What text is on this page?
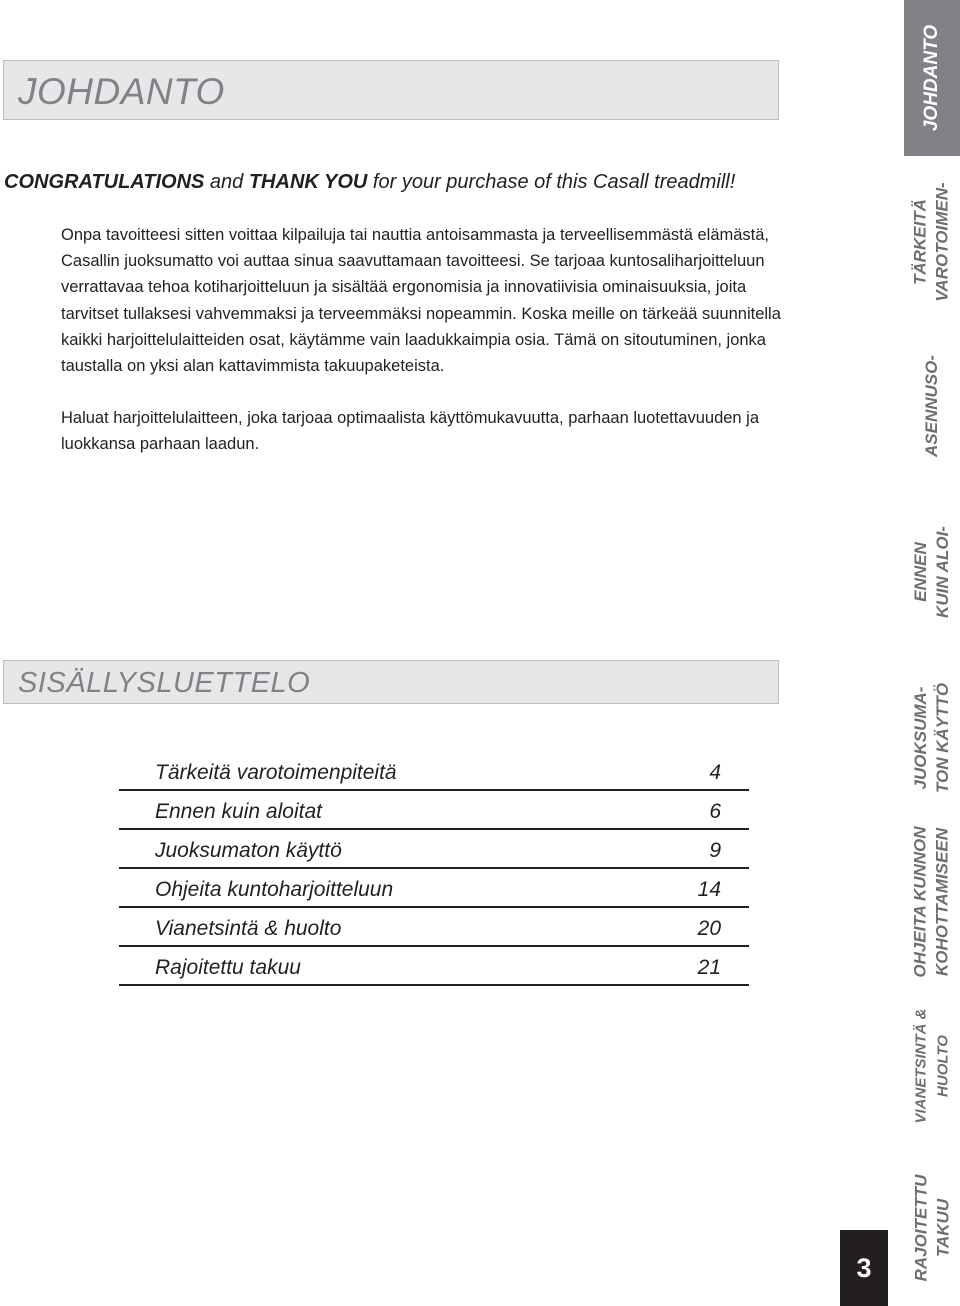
JOHDANTO
CONGRATULATIONS and THANK YOU for your purchase of this Casall treadmill!

Onpa tavoitteesi sitten voittaa kilpailuja tai nauttia antoisammasta ja terveellisemmästä elämästä, Casallin juoksumatto voi auttaa sinua saavuttamaan tavoitteesi. Se tarjoaa kuntosaliharjoitteluun verrattavaa tehoa kotiharjoitteluun ja sisältää ergonomisia ja innovatiivisia ominaisuuksia, joita tarvitset tullaksesi vahvemmaksi ja terveemmäksi nopeammin. Koska meille on tärkeää suunnitella kaikki harjoittelulaitteiden osat, käytämme vain laadukkaimpia osia. Tämä on sitoutuminen, jonka taustalla on yksi alan kattavimmista takuupaketeista.

Haluat harjoittelulaitteen, joka tarjoaa optimaalista käyttömukavuutta, parhaan luotettavuuden ja luokkansa parhaan laadun.

SISÄLLYSLUETTELO
Tärkeitä varotoimenpiteitä	4
Ennen kuin aloitat	6
Juoksumaton käyttö	9
Ohjeita kuntoharjoitteluun	14
Vianetsintä & huolto	20
Rajoitettu takuu	21
JOHDANTO
TÄRKEITÄ VAROTOIMEN-
ASENNUSO-
ENNEN KUIN ALOI-
JUOKSUMA- TON KÄYTTÖ
OHJEITA KUNNON KOHOTTAMISEEN
VIANETSINTÄ & HUOLTO
RAJOITETTU TAKUU
3
